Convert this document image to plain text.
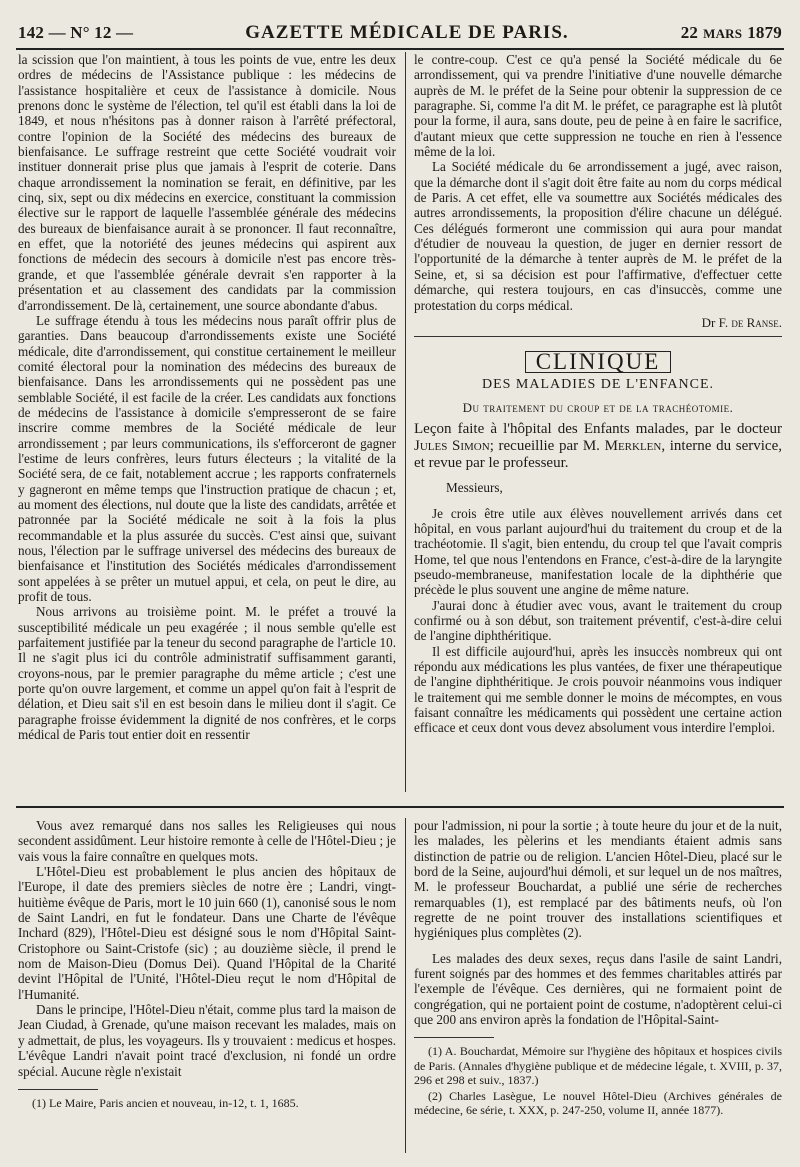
142 — N° 12 —	GAZETTE MÉDICALE DE PARIS.	22 MARS 1879

la scission que l'on maintient, à tous les points de vue, entre les deux ordres de médecins de l'Assistance publique : les médecins de l'assistance hospitalière et ceux de l'assistance à domicile. Nous prenons donc le système de l'élection, tel qu'il est établi dans la loi de 1849, et nous n'hésitons pas à donner raison à l'arrêté préfectoral, contre l'opinion de la Société des médecins des bureaux de bienfaisance. Le suffrage restreint que cette Société voudrait voir instituer donnerait prise plus que jamais à l'esprit de coterie. Dans chaque arrondissement la nomination se ferait, en définitive, par les cinq, six, sept ou dix médecins en exercice, constituant la commission élective sur le rapport de laquelle l'assemblée générale des médecins des bureaux de bienfaisance aurait à se prononcer. Il faut reconnaître, en effet, que la notoriété des jeunes médecins qui aspirent aux fonctions de médecin des secours à domicile n'est pas encore très-grande, et que l'assemblée générale devrait s'en rapporter à la présentation et au classement des candidats par la commission d'arrondissement. De là, certainement, une source abondante d'abus.

Le suffrage étendu à tous les médecins nous paraît offrir plus de garanties. Dans beaucoup d'arrondissements existe une Société médicale, dite d'arrondissement, qui constitue certainement le meilleur comité électoral pour la nomination des médecins des bureaux de bienfaisance. Dans les arrondissements qui ne possèdent pas une semblable Société, il est facile de la créer. Les candidats aux fonctions de médecins de l'assistance à domicile s'empresseront de se faire inscrire comme membres de la Société médicale de leur arrondissement ; par leurs communications, ils s'efforceront de gagner l'estime de leurs confrères, leurs futurs électeurs ; la vitalité de la Société sera, de ce fait, notablement accrue ; les rapports confraternels y gagneront en même temps que l'instruction pratique de chacun ; et, au moment des élections, nul doute que la liste des candidats, arrêtée et patronnée par la Société médicale ne soit à la fois la plus recommandable et la plus assurée du succès. C'est ainsi que, suivant nous, l'élection par le suffrage universel des médecins des bureaux de bienfaisance et l'institution des Sociétés médicales d'arrondissement sont appelées à se prêter un mutuel appui, et cela, on peut le dire, au profit de tous.

Nous arrivons au troisième point. M. le préfet a trouvé la susceptibilité médicale un peu exagérée ; il nous semble qu'elle est parfaitement justifiée par la teneur du second paragraphe de l'article 10. Il ne s'agit plus ici du contrôle administratif suffisamment garanti, croyons-nous, par le premier paragraphe du même article ; c'est une porte qu'on ouvre largement, et comme un appel qu'on fait à l'esprit de délation, et Dieu sait s'il en est besoin dans le milieu dont il s'agit. Ce paragraphe froisse évidemment la dignité de nos confrères, et le corps médical de Paris tout entier doit en ressentir

le contre-coup. C'est ce qu'a pensé la Société médicale du 6e arrondissement, qui va prendre l'initiative d'une nouvelle démarche auprès de M. le préfet de la Seine pour obtenir la suppression de ce paragraphe. Si, comme l'a dit M. le préfet, ce paragraphe est là plutôt pour la forme, il aura, sans doute, peu de peine à en faire le sacrifice, d'autant mieux que cette suppression ne touche en rien à l'essence même de la loi.

La Société médicale du 6e arrondissement a jugé, avec raison, que la démarche dont il s'agit doit être faite au nom du corps médical de Paris. A cet effet, elle va soumettre aux Sociétés médicales des autres arrondissements, la proposition d'élire chacune un délégué. Ces délégués formeront une commission qui aura pour mandat d'étudier de nouveau la question, de juger en dernier ressort de l'opportunité de la démarche à tenter auprès de M. le préfet de la Seine, et, si sa décision est pour l'affirmative, d'effectuer cette démarche, qui restera toujours, en cas d'insuccès, comme une protestation du corps médical.

Dr F. de Ranse.
CLINIQUE
DES MALADIES DE L'ENFANCE.
Du traitement du croup et de la trachéotomie.
Leçon faite à l'hôpital des Enfants malades, par le docteur Jules Simon; recueillie par M. Merklen, interne du service, et revue par le professeur.

Messieurs,

Je crois être utile aux élèves nouvellement arrivés dans cet hôpital, en vous parlant aujourd'hui du traitement du croup et de la trachéotomie. Il s'agit, bien entendu, du croup tel que l'avait compris Home, tel que nous l'entendons en France, c'est-à-dire de la laryngite pseudo-membraneuse, manifestation locale de la diphthérie que précède le plus souvent une angine de même nature.

J'aurai donc à étudier avec vous, avant le traitement du croup confirmé ou à son début, son traitement préventif, c'est-à-dire celui de l'angine diphthéritique.

Il est difficile aujourd'hui, après les insuccès nombreux qui ont répondu aux médications les plus vantées, de fixer une thérapeutique de l'angine diphthéritique. Je crois pouvoir néanmoins vous indiquer le traitement qui me semble donner le moins de mécomptes, en vous faisant connaître les médicaments qui possèdent une certaine action efficace et ceux dont vous devez absolument vous interdire l'emploi.

Vous avez remarqué dans nos salles les Religieuses qui nous secondent assidûment. Leur histoire remonte à celle de l'Hôtel-Dieu ; je vais vous la faire connaître en quelques mots.

L'Hôtel-Dieu est probablement le plus ancien des hôpitaux de l'Europe, il date des premiers siècles de notre ère ; Landri, vingt-huitième évêque de Paris, mort le 10 juin 660 (1), canonisé sous le nom de Saint Landri, en fut le fondateur. Dans une Charte de l'évêque Inchard (829), l'Hôtel-Dieu est désigné sous le nom d'Hôpital Saint-Cristophore ou Saint-Cristofe (sic) ; au douzième siècle, il prend le nom de Maison-Dieu (Domus Dei). Quand l'Hôpital de la Charité devint l'Hôpital de l'Unité, l'Hôtel-Dieu reçut le nom d'Hôpital de l'Humanité.

Dans le principe, l'Hôtel-Dieu n'était, comme plus tard la maison de Jean Ciudad, à Grenade, qu'une maison recevant les malades, mais on y admettait, de plus, les voyageurs. Ils y trouvaient : medicus et hospes. L'évêque Landri n'avait point tracé d'exclusion, ni fondé un ordre spécial. Aucune règle n'existait

(1) Le Maire, Paris ancien et nouveau, in-12, t. 1, 1685.

pour l'admission, ni pour la sortie ; à toute heure du jour et de la nuit, les malades, les pèlerins et les mendiants étaient admis sans distinction de patrie ou de religion. L'ancien Hôtel-Dieu, placé sur le bord de la Seine, aujourd'hui démoli, et sur lequel un de nos maîtres, M. le professeur Bouchardat, a publié une série de recherches remarquables (1), est remplacé par des bâtiments neufs, où l'on regrette de ne point trouver des installations scientifiques et hygiéniques plus complètes (2).

Les malades des deux sexes, reçus dans l'asile de saint Landri, furent soignés par des hommes et des femmes charitables attirés par l'exemple de l'évêque. Ces dernières, qui ne formaient point de congrégation, qui ne portaient point de costume, n'adoptèrent celui-ci que 200 ans environ après la fondation de l'Hôpital-Saint-

(1) A. Bouchardat, Mémoire sur l'hygiène des hôpitaux et hospices civils de Paris. (Annales d'hygiène publique et de médecine légale, t. XVIII, p. 37, 296 et 298 et suiv., 1837.)

(2) Charles Lasègue, Le nouvel Hôtel-Dieu (Archives générales de médecine, 6e série, t. XXX, p. 247-250, volume II, année 1877).
